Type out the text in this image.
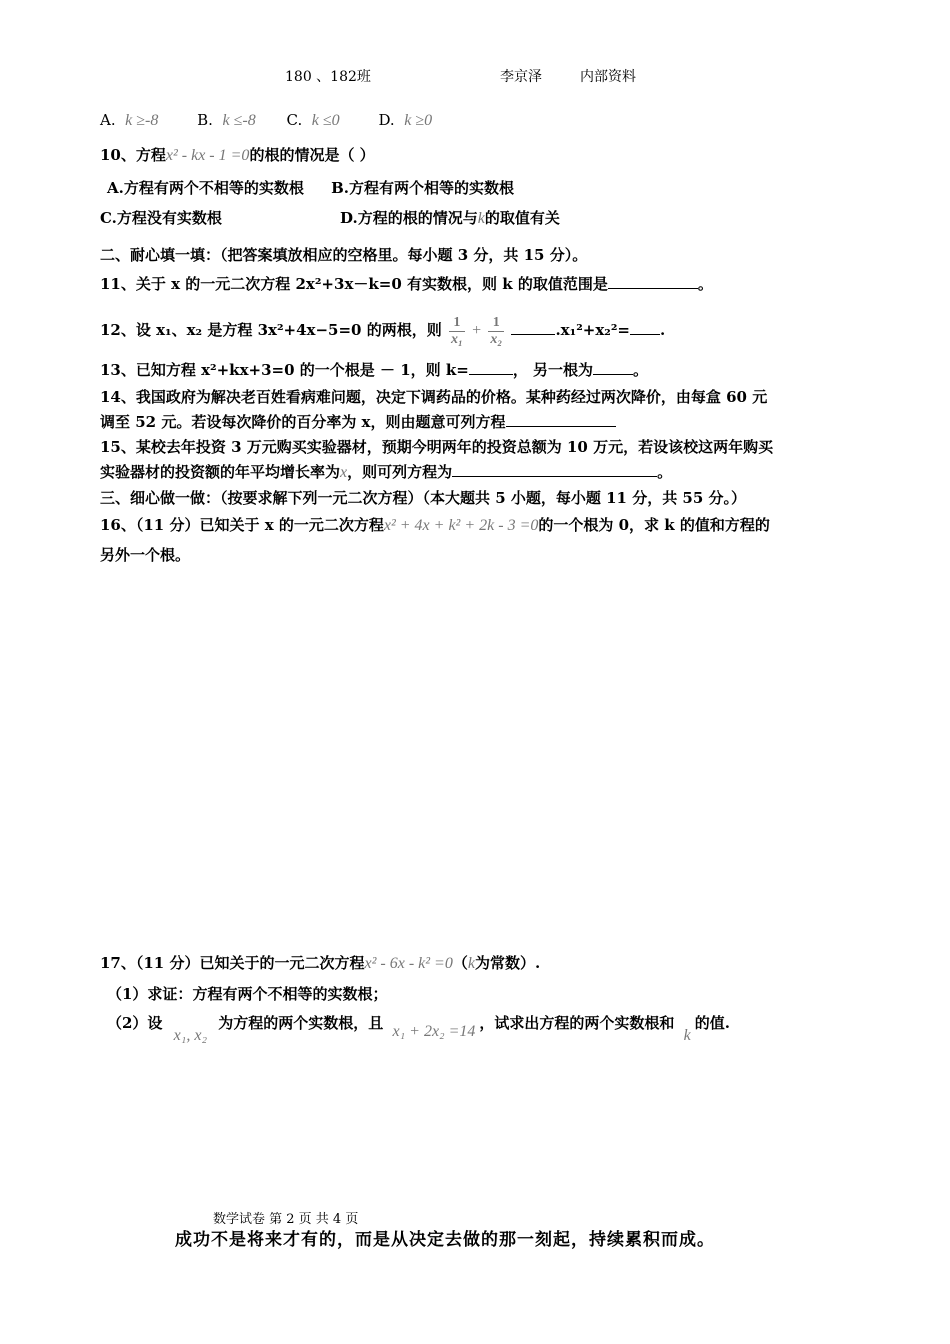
180 、182班	李京泽	内部资料
A. k ≥-8	B. k ≤-8 C. k ≤0	D. k ≥0
10、方程x² - kx - 1 =0的根的情况是（ ）
A.方程有两个不相等的实数根 B.方程有两个相等的实数根
C.方程没有实数根	D.方程的根的情况与k的取值有关
二、耐心填一填：（把答案填放相应的空格里。每小题 3 分，共 15 分）。
11、关于 x 的一元二次方程 2x²+3x－k=0 有实数根，则 k 的取值范围是	。
12、设 x₁、x₂ 是方程 3x²+4x−5=0 的两根，则 $\frac{1}{\text{x₁}} + \frac{1}{\text{x₂}}$	.x₁²+x₂²= .
13、已知方程 x²+kx+3=0 的一个根是 － 1，则 k=	， 另一根为	。
14、我国政府为解决老百姓看病难问题，决定下调药品的价格。某种药经过两次降价，由每盒 60 元
调至 52 元。若设每次降价的百分率为 x，则由题意可列方程
15、某校去年投资 3 万元购买实验器材，预期今明两年的投资总额为 10 万元，若设该校这两年购买
实验器材的投资额的年平均增长率为x，则可列方程为	。
三、细心做一做：（按要求解下列一元二次方程）（本大题共 5 小题，每小题 11 分，共 55 分。）
16、（11 分）已知关于 x 的一元二次方程x² + 4x + k² + 2k - 3 =0的一个根为 0，求 k 的值和方程的
另外一个根。
17、（11 分）已知关于的一元二次方程x² - 6x - k² =0（k为常数）.
（1）求证：方程有两个不相等的实数根；
（2）设 x₁, x₂ 为方程的两个实数根，且 x₁ + 2x₂ =14 ，试求出方程的两个实数根和 k的值.
数学试卷 第 2 页 共 4 页
成功不是将来才有的，而是从决定去做的那一刻起，持续累积而成。
